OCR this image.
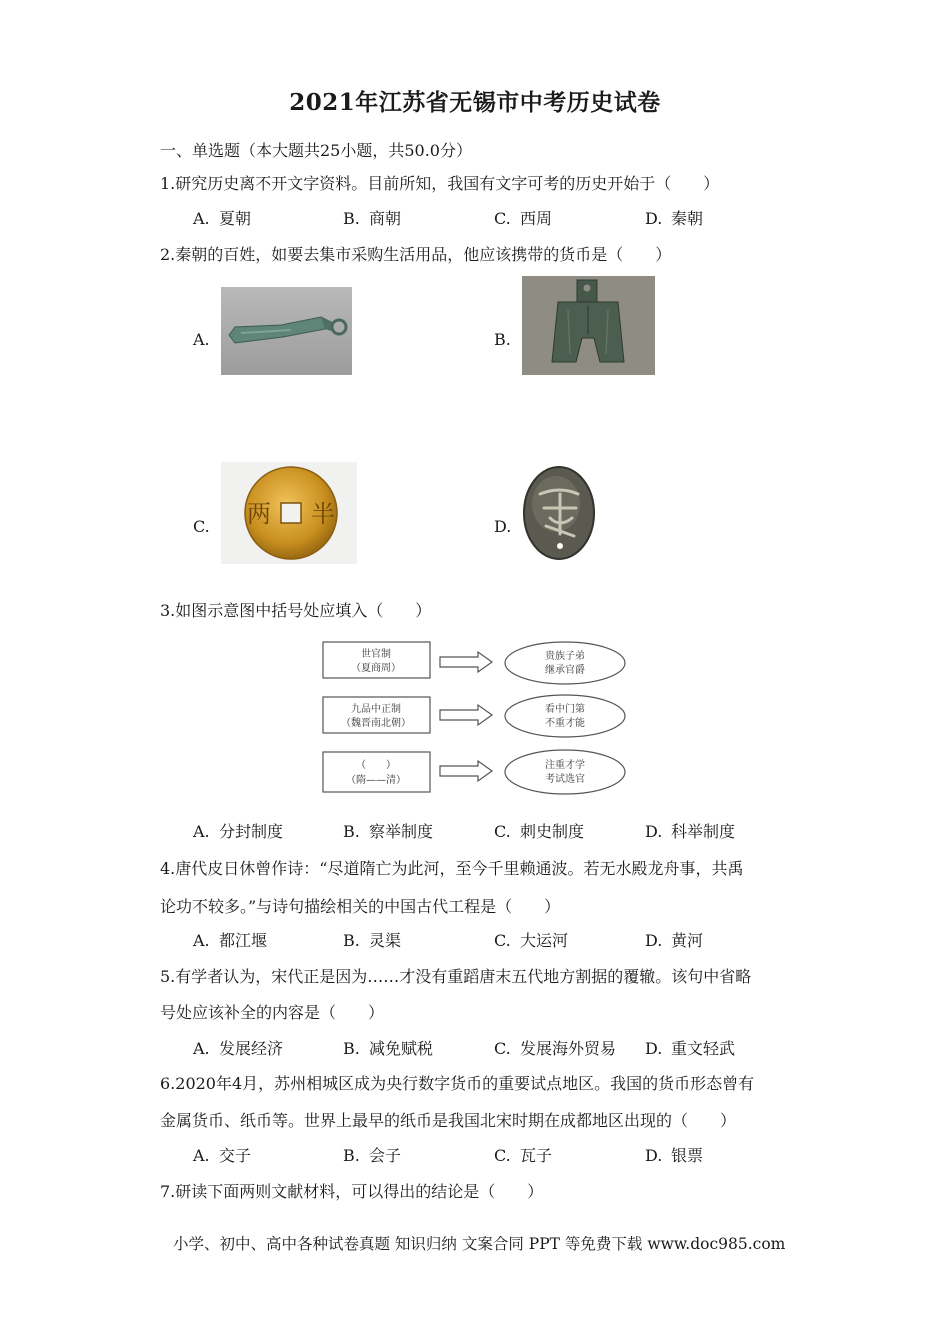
2021年江苏省无锡市中考历史试卷
一、单选题（本大题共25小题，共50.0分）
1.研究历史离不开文字资料。目前所知，我国有文字可考的历史开始于（　　）
A. 夏朝	B. 商朝	C. 西周	D. 秦朝
2.秦朝的百姓，如要去集市采购生活用品，他应该携带的货币是（　　）
A.	B.
C. 两 半	D.
3.如图示意图中括号处应填入（　　）
世官制
（夏商周）
贵族子弟
继承官爵
九品中正制
（魏晋南北朝）
看中门第
不重才能
（　　）
（隋——清）
注重才学
考试选官
A. 分封制度	B. 察举制度	C. 刺史制度	D. 科举制度
4.唐代皮日休曾作诗：“尽道隋亡为此河，至今千里赖通波。若无水殿龙舟事，共禹
论功不较多。”与诗句描绘相关的中国古代工程是（　　）
A. 都江堰	B. 灵渠	C. 大运河	D. 黄河
5.有学者认为，宋代正是因为……才没有重蹈唐末五代地方割据的覆辙。该句中省略
号处应该补全的内容是（　　）
A. 发展经济	B. 减免赋税	C. 发展海外贸易 D. 重文轻武
6.2020年4月，苏州相城区成为央行数字货币的重要试点地区。我国的货币形态曾有
金属货币、纸币等。世界上最早的纸币是我国北宋时期在成都地区出现的（　　）
A. 交子	B. 会子	C. 瓦子	D. 银票
7.研读下面两则文献材料，可以得出的结论是（　　）
小学、初中、高中各种试卷真题 知识归纳 文案合同 PPT 等免费下载 www.doc985.com
